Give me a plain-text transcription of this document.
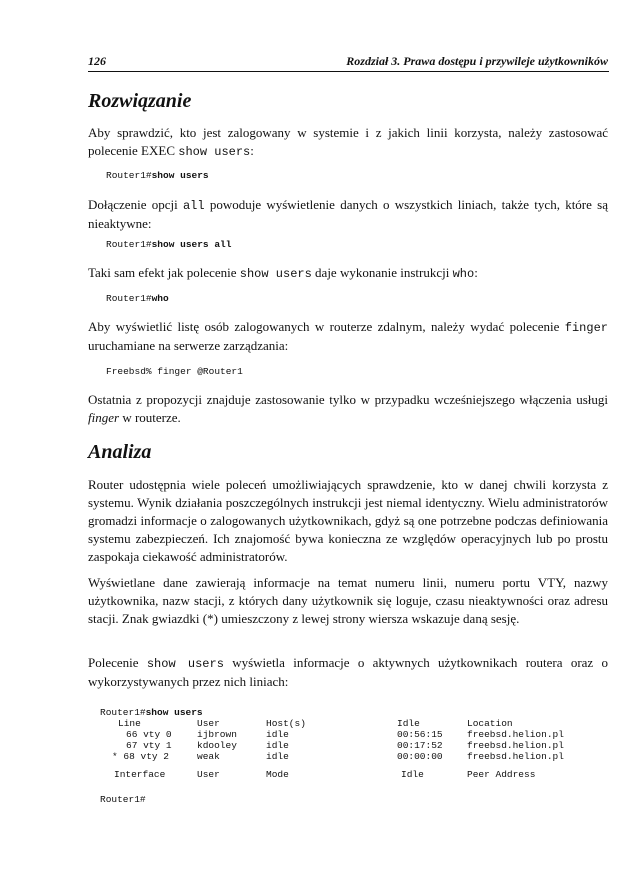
126	Rozdział 3. Prawa dostępu i przywileje użytkowników
Rozwiązanie

Aby sprawdzić, kto jest zalogowany w systemie i z jakich linii korzysta, należy zastosować polecenie EXEC show users:

Router1#show users

Dołączenie opcji all powoduje wyświetlenie danych o wszystkich liniach, także tych, które są nieaktywne:

Router1#show users all

Taki sam efekt jak polecenie show users daje wykonanie instrukcji who:

Router1#who

Aby wyświetlić listę osób zalogowanych w routerze zdalnym, należy wydać polecenie finger uruchamiane na serwerze zarządzania:

Freebsd% finger @Router1

Ostatnia z propozycji znajduje zastosowanie tylko w przypadku wcześniejszego włączenia usługi finger w routerze.

Analiza

Router udostępnia wiele poleceń umożliwiających sprawdzenie, kto w danej chwili korzysta z systemu. Wynik działania poszczególnych instrukcji jest niemal identyczny. Wielu administratorów gromadzi informacje o zalogowanych użytkownikach, gdyż są one potrzebne podczas definiowania systemu zabezpieczeń. Ich znajomość bywa konieczna ze względów operacyjnych lub po prostu zaspokaja ciekawość administratorów.

Wyświetlane dane zawierają informacje na temat numeru linii, numeru portu VTY, nazwy użytkownika, nazw stacji, z których dany użytkownik się loguje, czasu nieaktywności oraz adresu stacji. Znak gwiazdki (*) umieszczony z lewej strony wiersza wskazuje daną sesję.

Polecenie show users wyświetla informacje o aktywnych użytkownikach routera oraz o wykorzystywanych przez nich liniach:

Router1#show users
Line	User	Host(s)	Idle	Location
66 vty 0	ijbrown	idle	00:56:15	freebsd.helion.pl
67 vty 1	kdooley	idle	00:17:52	freebsd.helion.pl
* 68 vty 2	weak	idle	00:00:00	freebsd.helion.pl
Interface	User	Mode	Idle	Peer Address
Router1#
